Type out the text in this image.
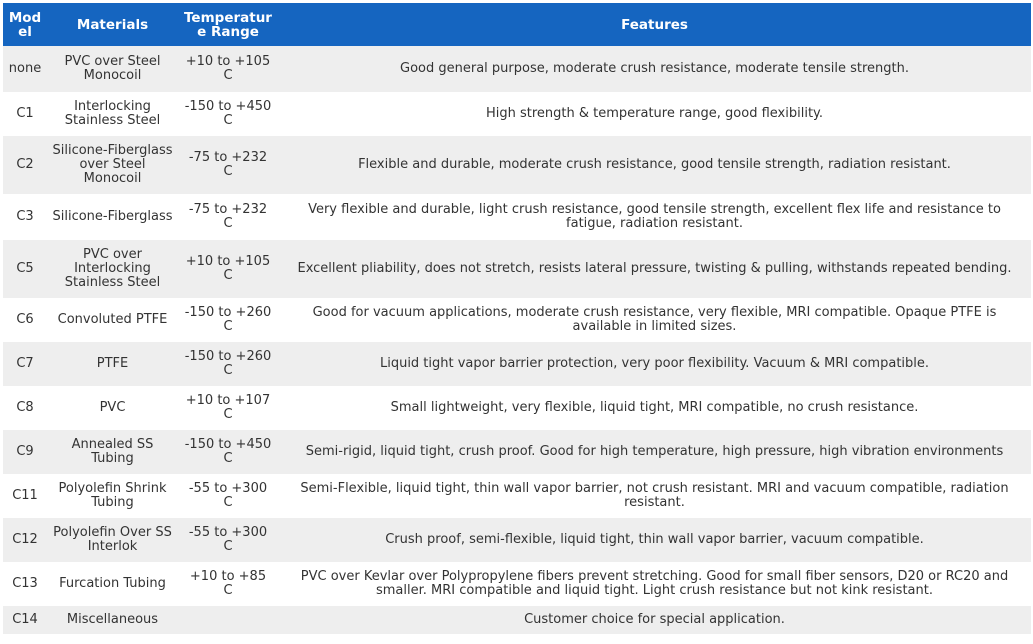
Model	Materials	Temperature Range	Features
none	PVC over Steel Monocoil	+10 to +105 C	Good general purpose, moderate crush resistance, moderate tensile strength.
C1	Interlocking Stainless Steel	-150 to +450 C	High strength & temperature range, good flexibility.
C2	Silicone-Fiberglass over Steel Monocoil	-75 to +232 C	Flexible and durable, moderate crush resistance, good tensile strength, radiation resistant.
C3	Silicone-Fiberglass	-75 to +232 C	Very flexible and durable, light crush resistance, good tensile strength, excellent flex life and resistance to fatigue, radiation resistant.
C5	PVC over Interlocking Stainless Steel	+10 to +105 C	Excellent pliability, does not stretch, resists lateral pressure, twisting & pulling, withstands repeated bending.
C6	Convoluted PTFE	-150 to +260 C	Good for vacuum applications, moderate crush resistance, very flexible, MRI compatible. Opaque PTFE is available in limited sizes.
C7	PTFE	-150 to +260 C	Liquid tight vapor barrier protection, very poor flexibility. Vacuum & MRI compatible.
C8	PVC	+10 to +107 C	Small lightweight, very flexible, liquid tight, MRI compatible, no crush resistance.
C9	Annealed SS Tubing	-150 to +450 C	Semi-rigid, liquid tight, crush proof. Good for high temperature, high pressure, high vibration environments
C11	Polyolefin Shrink Tubing	-55 to +300 C	Semi-Flexible, liquid tight, thin wall vapor barrier, not crush resistant. MRI and vacuum compatible, radiation resistant.
C12	Polyolefin Over SS Interlok	-55 to +300 C	Crush proof, semi-flexible, liquid tight, thin wall vapor barrier, vacuum compatible.
C13	Furcation Tubing	+10 to +85 C	PVC over Kevlar over Polypropylene fibers prevent stretching. Good for small fiber sensors, D20 or RC20 and smaller. MRI compatible and liquid tight. Light crush resistance but not kink resistant.
C14	Miscellaneous		Customer choice for special application.
